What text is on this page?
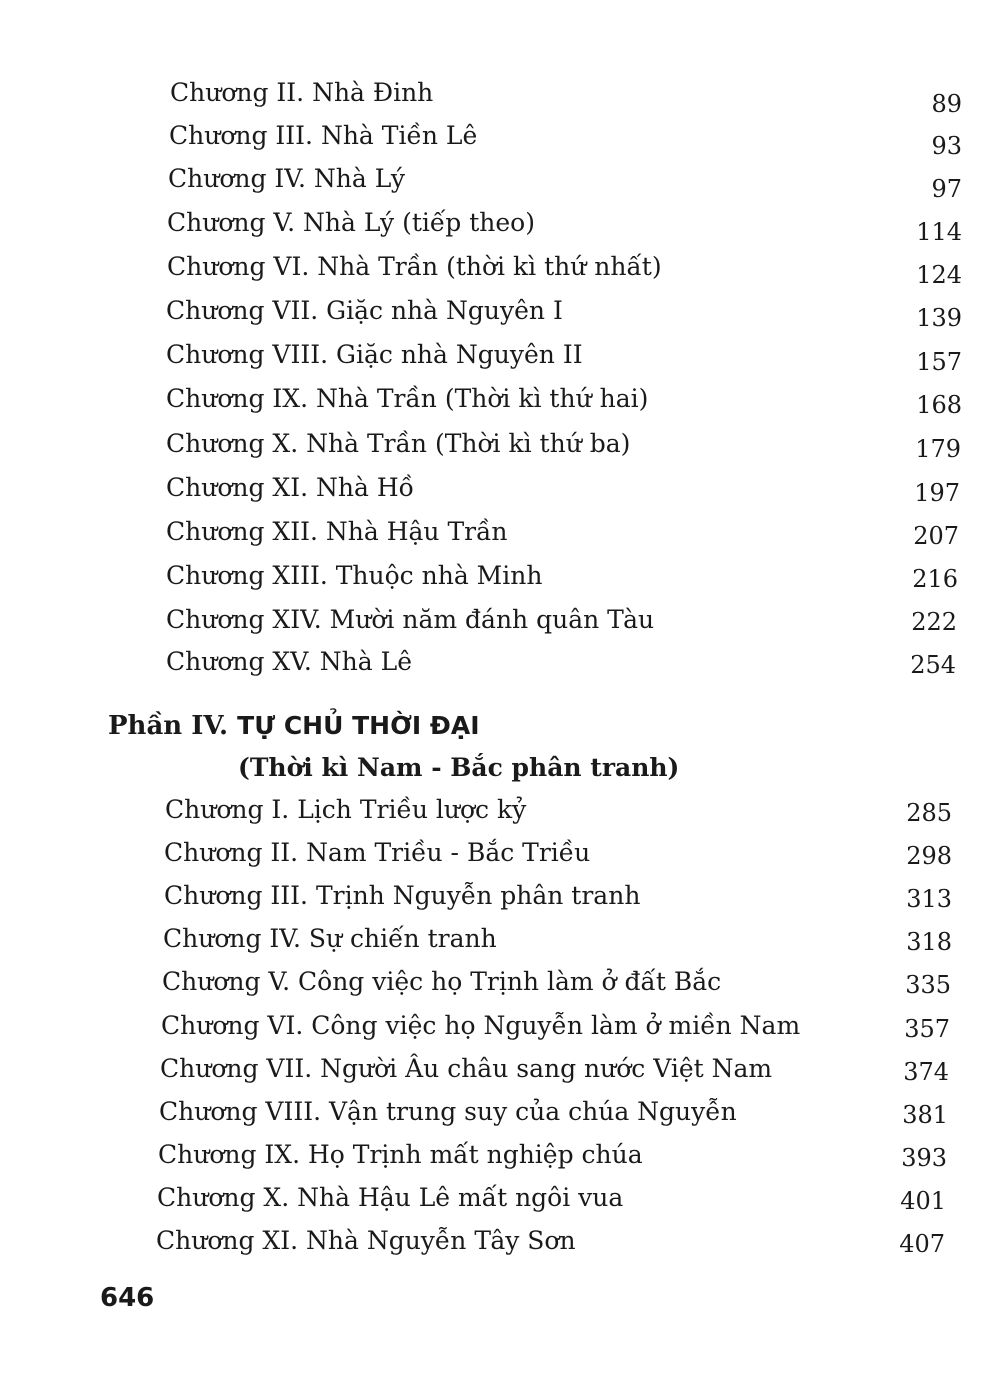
Chương II. Nhà Đinh	89
Chương III. Nhà Tiền Lê	93
Chương IV. Nhà Lý	97
Chương V. Nhà Lý (tiếp theo)	114
Chương VI. Nhà Trần (thời kì thứ nhất)	124
Chương VII. Giặc nhà Nguyên I	139
Chương VIII. Giặc nhà Nguyên II	157
Chương IX. Nhà Trần (Thời kì thứ hai)	168
Chương X. Nhà Trần (Thời kì thứ ba)	179
Chương XI. Nhà Hồ	197
Chương XII. Nhà Hậu Trần	207
Chương XIII. Thuộc nhà Minh	216
Chương XIV. Mười năm đánh quân Tàu	222
Chương XV. Nhà Lê	254
Phần IV. TỰ CHỦ THỜI ĐẠI
(Thời kì Nam - Bắc phân tranh)
Chương I. Lịch Triều lược kỷ	285
Chương II. Nam Triều - Bắc Triều	298
Chương III. Trịnh Nguyễn phân tranh	313
Chương IV. Sự chiến tranh	318
Chương V. Công việc họ Trịnh làm ở đất Bắc	335
Chương VI. Công việc họ Nguyễn làm ở miền Nam	357
Chương VII. Người Âu châu sang nước Việt Nam	374
Chương VIII. Vận trung suy của chúa Nguyễn	381
Chương IX. Họ Trịnh mất nghiệp chúa	393
Chương X. Nhà Hậu Lê mất ngôi vua	401
Chương XI. Nhà Nguyễn Tây Sơn	407
646
